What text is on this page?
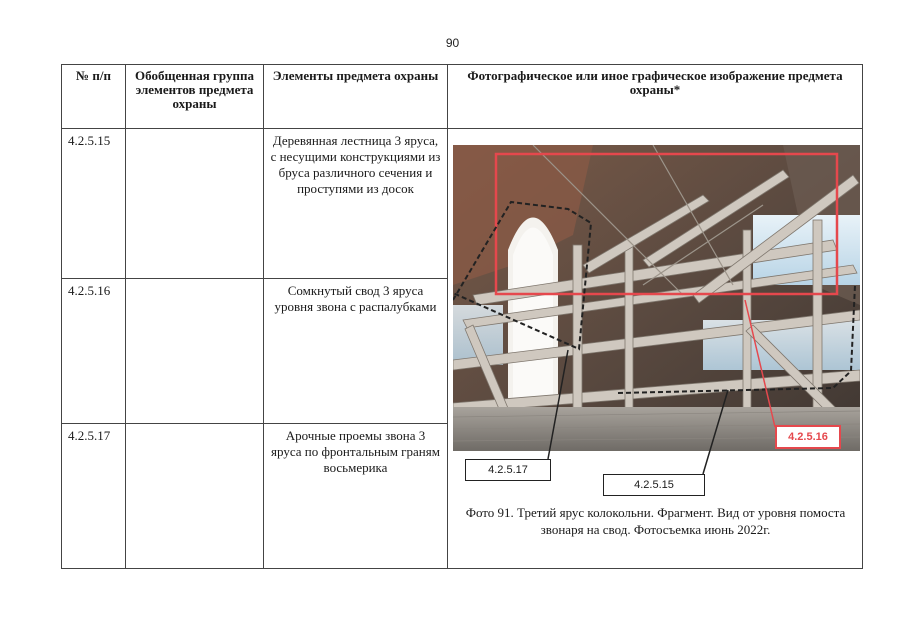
90
№ п/п	Обобщенная группа элементов предмета охраны	Элементы предмета охраны	Фотографическое или иное графическое изображение предмета охраны*
4.2.5.15		Деревянная лестница 3 яруса, с несущими конструкциями из бруса различного сечения и проступями из досок	4.2.5.16
4.2.5.17
4.2.5.15
Фото 91. Третий ярус колокольни. Фрагмент. Вид от уровня помоста звонаря на свод. Фотосъемка июнь 2022г.

4.2.5.16		Сомкнутый свод 3 яруса уровня звона с распалубками	
4.2.5.17		Арочные проемы звона 3 яруса по фронтальным граням восьмерика	
